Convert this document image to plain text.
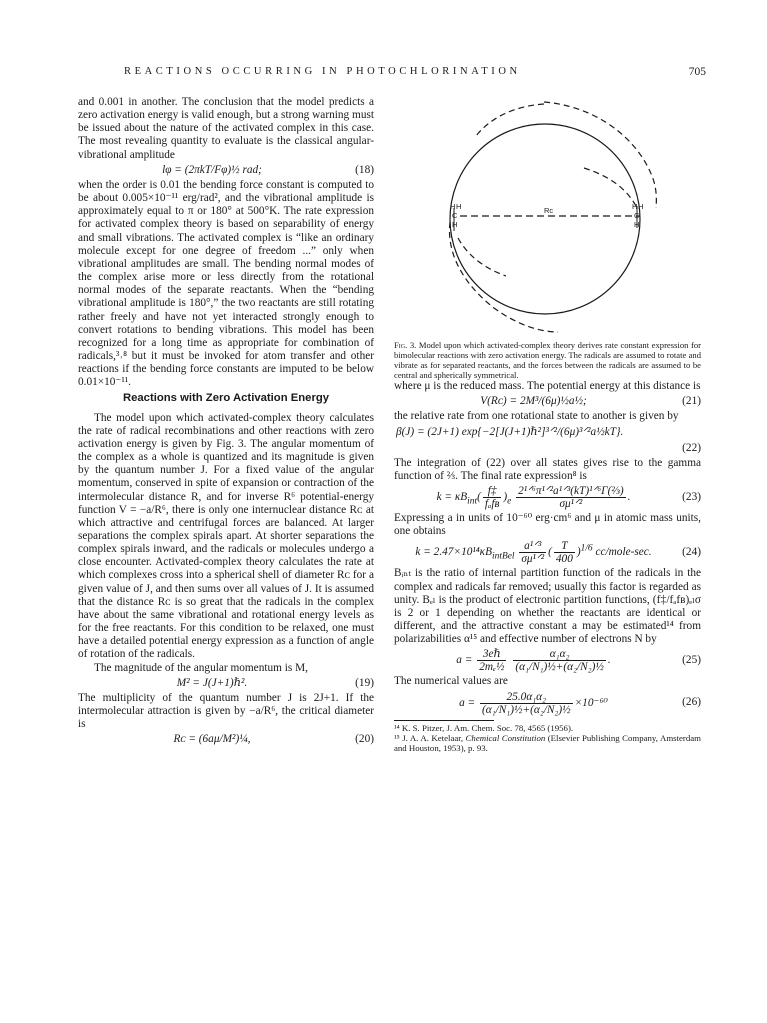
REACTIONS OCCURRING IN PHOTOCHLORINATION	705

and 0.001 in another. The conclusion that the model predicts a zero activation energy is valid enough, but a strong warning must be issued about the nature of the activated complex in this case. The most revealing quantity to evaluate is the classical angular-vibrational amplitude

lφ = (2πkT/Fφ)½ rad;	(18)

when the order is 0.01 the bending force constant is computed to be about 0.005×10⁻¹¹ erg/rad², and the vibrational amplitude is approximately equal to π or 180° at 500°K. The rate expression for activated complex theory is based on separability of energy and small vibrations. The activated complex is “like an ordinary molecule except for one degree of freedom ...” only when vibrational amplitudes are small. The bending normal modes of the complex arise more or less directly from the rotational normal modes of the separate reactants. When the “bending vibrational amplitude is 180°,” the two reactants are still rotating rather freely and have not yet interacted strongly enough to convert rotations to bending vibrations. This model has been recognized for a long time as appropriate for combination of radicals,³˒⁸ but it must be invoked for atom transfer and other reactions if the bending force constants are imputed to be below 0.01×10⁻¹¹.

Reactions with Zero Activation Energy

The model upon which activated-complex theory calculates the rate of radical recombinations and other reactions with zero activation energy is given by Fig. 3. The angular momentum of the complex as a whole is quantized and its magnitude is given by the quantum number J. For a fixed value of the angular momentum, conserved in spite of expansion or contraction of the intermolecular distance R, and for inverse R⁶ potential-energy function V = −a/R⁶, there is only one internuclear distance Rᴄ at which attractive and centrifugal forces are balanced. At larger separations the complex spirals apart. At shorter separations the complex spirals inward, and the radicals or molecules undergo a close encounter. Activated-complex theory calculates the rate at which complexes cross into a spherical shell of diameter Rᴄ for a given value of J, and then sums over all values of J. It is assumed that the distance Rᴄ is so great that the radicals in the complex have about the same vibrational and rotational energy levels as for the free reactants. For this condition to be relaxed, one must have a detailed potential energy expression as a function of angle of rotation of the radicals.

The magnitude of the angular momentum is M,

M² = J(J+1)ℏ².	(19)

The multiplicity of the quantum number J is 2J+1. If the intermolecular attraction is given by −a/R⁶, the critical diameter is

Rᴄ = (6aμ/M²)¼,	(20)
H H
C
H
Rᴄ	H H
C
H

Fig. 3. Model upon which activated-complex theory derives rate constant expression for bimolecular reactions with zero activation energy. The radicals are assumed to rotate and vibrate as for separated reactants, and the forces between the radicals are assumed to be central and spherically symmetrical.

where μ is the reduced mass. The potential energy at this distance is

V(Rᴄ) = 2M³/(6μ)½a½;	(21)

the relative rate from one rotational state to another is given by

β(J) = (2J+1) exp{−2[J(J+1)ℏ²]³ᐟ²/(6μ)³ᐟ²a½kT}.
(22)

The integration of (22) over all states gives rise to the gamma function of ⅔. The final rate expression⁸ is

$k = \kappa B_{int}( \frac{f\ddagger}{\text{fₐfʙ}} )_e \frac{\text{2¹ᐟ⁶π¹ᐟ²a¹ᐟ³(kT)¹ᐟ⁶Γ(⅔)}}{\text{σμ¹ᐟ²}}$ .	(23)

Expressing a in units of 10⁻⁶⁰ erg·cm⁶ and μ in atomic mass units, one obtains

$k = 2.47\times 10^{14}\kappa B_{intBel} \frac{\text{a¹ᐟ³}}{\text{σμ¹ᐟ²}}$ ( $\frac{T}{400} )^{1/6}$ cc/mole-sec.	(24)

Bᵢₙₜ is the ratio of internal partition function of the radicals in the complex and radicals far removed; usually this factor is regarded as unity. Bₑₗ is the product of electronic partition functions, (f‡/fₐfʙ)ₑₗσ is 2 or 1 depending on whether the reactants are identical or different, and the attractive constant a may be estimated¹⁴ from polarizabilities α¹⁵ and effective number of electrons N by

$a = \frac{\text{3eℏ}}{\text{2mₑ½}}$
$\frac{\text{α₁α₂}}{\text{(α₁/N₁)½+(α₂/N₂)½}}$ .	(25)

The numerical values are

$a = \frac{\text{25.0α₁α₂}}{\text{(α₁/N₁)½+(α₂/N₂)½}} \times 10^{-60}$	(26)

¹⁴ K. S. Pitzer, J. Am. Chem. Soc. 78, 4565 (1956).

¹⁵ J. A. A. Ketelaar, Chemical Constitution (Elsevier Publishing Company, Amsterdam and Houston, 1953), p. 93.
